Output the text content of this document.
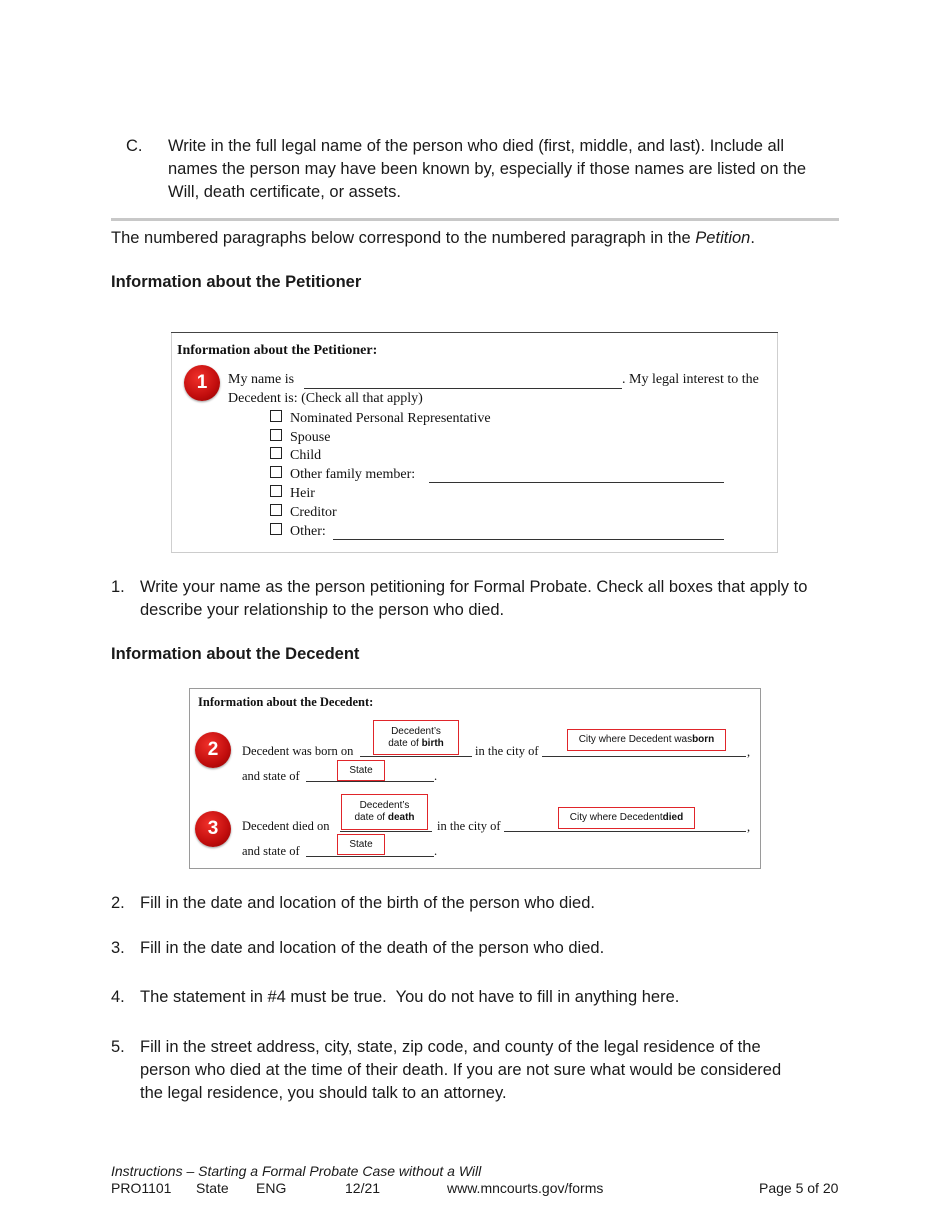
C. Write in the full legal name of the person who died (first, middle, and last). Include all
names the person may have been known by, especially if those names are listed on the
Will, death certificate, or assets.
The numbered paragraphs below correspond to the numbered paragraph in the Petition.
Information about the Petitioner
Information about the Petitioner:
1	My name is	. My legal interest to the
Decedent is: (Check all that apply)
Nominated Personal Representative
Spouse
Child
Other family member:
Heir
Creditor
Other:
1. Write your name as the person petitioning for Formal Probate. Check all boxes that apply to
describe your relationship to the person who died.
Information about the Decedent
Information about the Decedent:
2	Decedent was born on
Decedent’s
date of birth
in the city of	,
City where Decedent was born
and state of	.
State
3	Decedent died on
Decedent’s
date of death
in the city of	,
City where Decedent died
and state of	.
State
2. Fill in the date and location of the birth of the person who died.
3. Fill in the date and location of the death of the person who died.
4. The statement in #4 must be true.  You do not have to fill in anything here.
5. Fill in the street address, city, state, zip code, and county of the legal residence of the
person who died at the time of their death. If you are not sure what would be considered
the legal residence, you should talk to an attorney.
Instructions – Starting a Formal Probate Case without a Will
PRO1101 State ENG	12/21	www.mncourts.gov/forms	Page 5 of 20
